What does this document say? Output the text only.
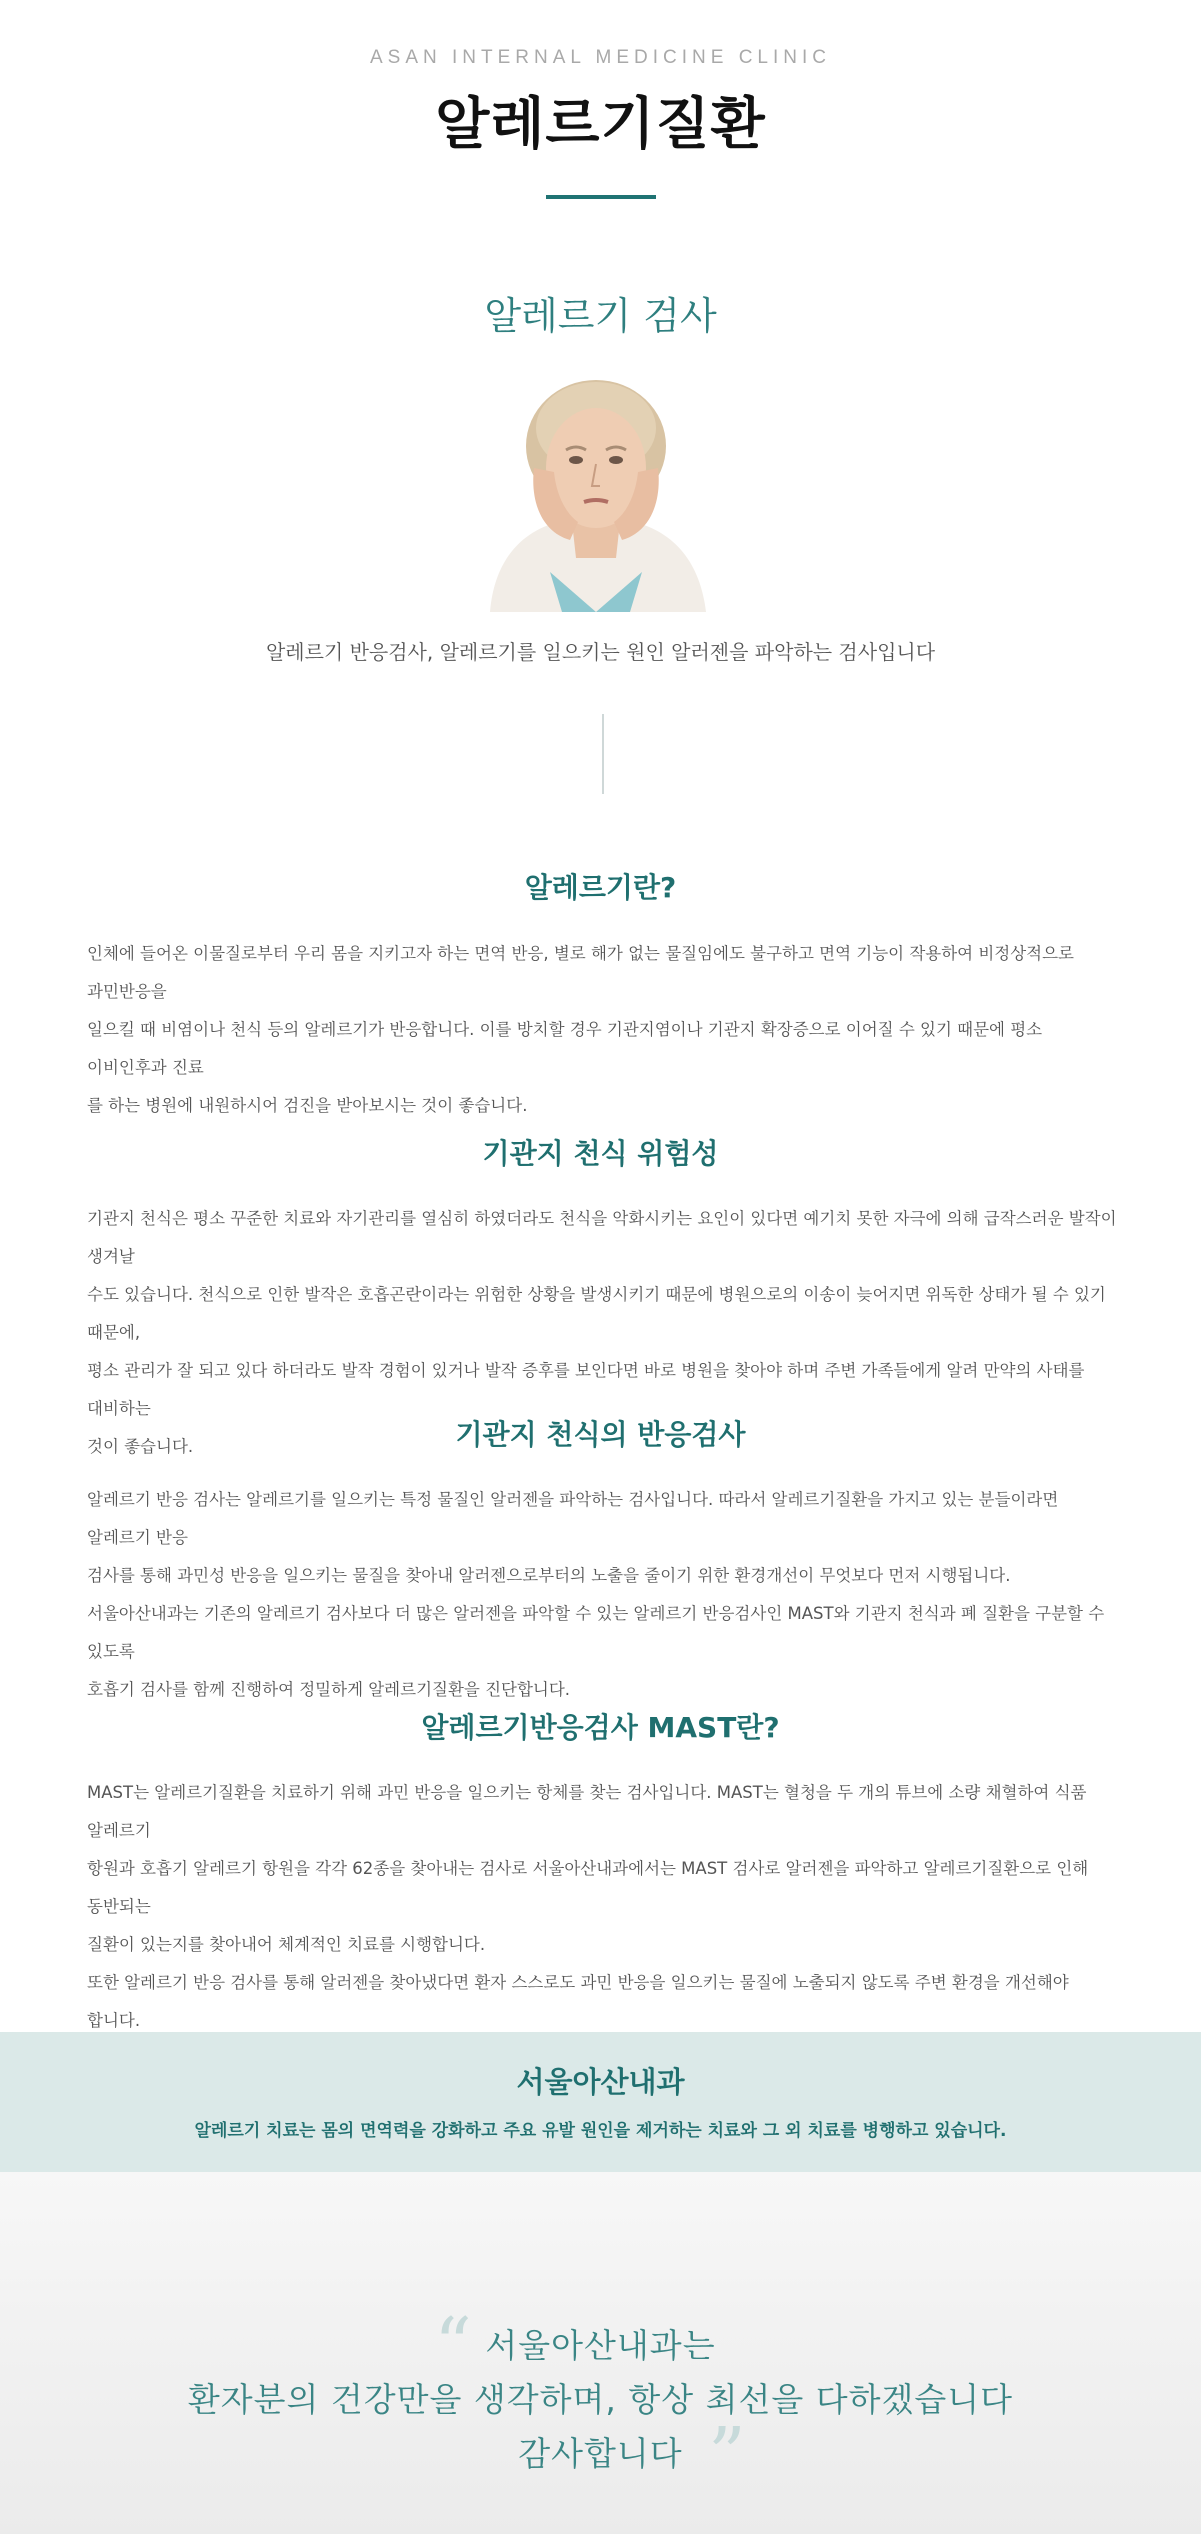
ASAN INTERNAL MEDICINE CLINIC
알레르기질환
알레르기 검사

알레르기 반응검사, 알레르기를 일으키는 원인 알러젠을 파악하는 검사입니다

알레르기란?
인체에 들어온 이물질로부터 우리 몸을 지키고자 하는 면역 반응, 별로 해가 없는 물질임에도 불구하고 면역 기능이 작용하여 비정상적으로 과민반응을
일으킬 때 비염이나 천식 등의 알레르기가 반응합니다. 이를 방치할 경우 기관지염이나 기관지 확장증으로 이어질 수 있기 때문에 평소 이비인후과 진료
를 하는 병원에 내원하시어 검진을 받아보시는 것이 좋습니다.
기관지 천식 위험성
기관지 천식은 평소 꾸준한 치료와 자기관리를 열심히 하였더라도 천식을 악화시키는 요인이 있다면 예기치 못한 자극에 의해 급작스러운 발작이 생겨날
수도 있습니다. 천식으로 인한 발작은 호흡곤란이라는 위험한 상황을 발생시키기 때문에 병원으로의 이송이 늦어지면 위독한 상태가 될 수 있기 때문에,
평소 관리가 잘 되고 있다 하더라도 발작 경험이 있거나 발작 증후를 보인다면 바로 병원을 찾아야 하며 주변 가족들에게 알려 만약의 사태를 대비하는
것이 좋습니다.	기관지 천식의 반응검사
알레르기 반응 검사는 알레르기를 일으키는 특정 물질인 알러젠을 파악하는 검사입니다. 따라서 알레르기질환을 가지고 있는 분들이라면 알레르기 반응
검사를 통해 과민성 반응을 일으키는 물질을 찾아내 알러젠으로부터의 노출을 줄이기 위한 환경개선이 무엇보다 먼저 시행됩니다.
서울아산내과는 기존의 알레르기 검사보다 더 많은 알러젠을 파악할 수 있는 알레르기 반응검사인 MAST와 기관지 천식과 폐 질환을 구분할 수 있도록
호흡기 검사를 함께 진행하여 정밀하게 알레르기질환을 진단합니다.
알레르기반응검사 MAST란?
MAST는 알레르기질환을 치료하기 위해 과민 반응을 일으키는 항체를 찾는 검사입니다. MAST는 혈청을 두 개의 튜브에 소량 채혈하여 식품 알레르기
항원과 호흡기 알레르기 항원을 각각 62종을 찾아내는 검사로 서울아산내과에서는 MAST 검사로 알러젠을 파악하고 알레르기질환으로 인해 동반되는
질환이 있는지를 찾아내어 체계적인 치료를 시행합니다.
또한 알레르기 반응 검사를 통해 알러젠을 찾아냈다면 환자 스스로도 과민 반응을 일으키는 물질에 노출되지 않도록 주변 환경을 개선해야 합니다.
서울아산내과
알레르기 치료는 몸의 면역력을 강화하고 주요 유발 원인을 제거하는 치료와 그 외 치료를 병행하고 있습니다.
“ 서울아산내과는
환자분의 건강만을 생각하며, 항상 최선을 다하겠습니다
감사합니다 ”
